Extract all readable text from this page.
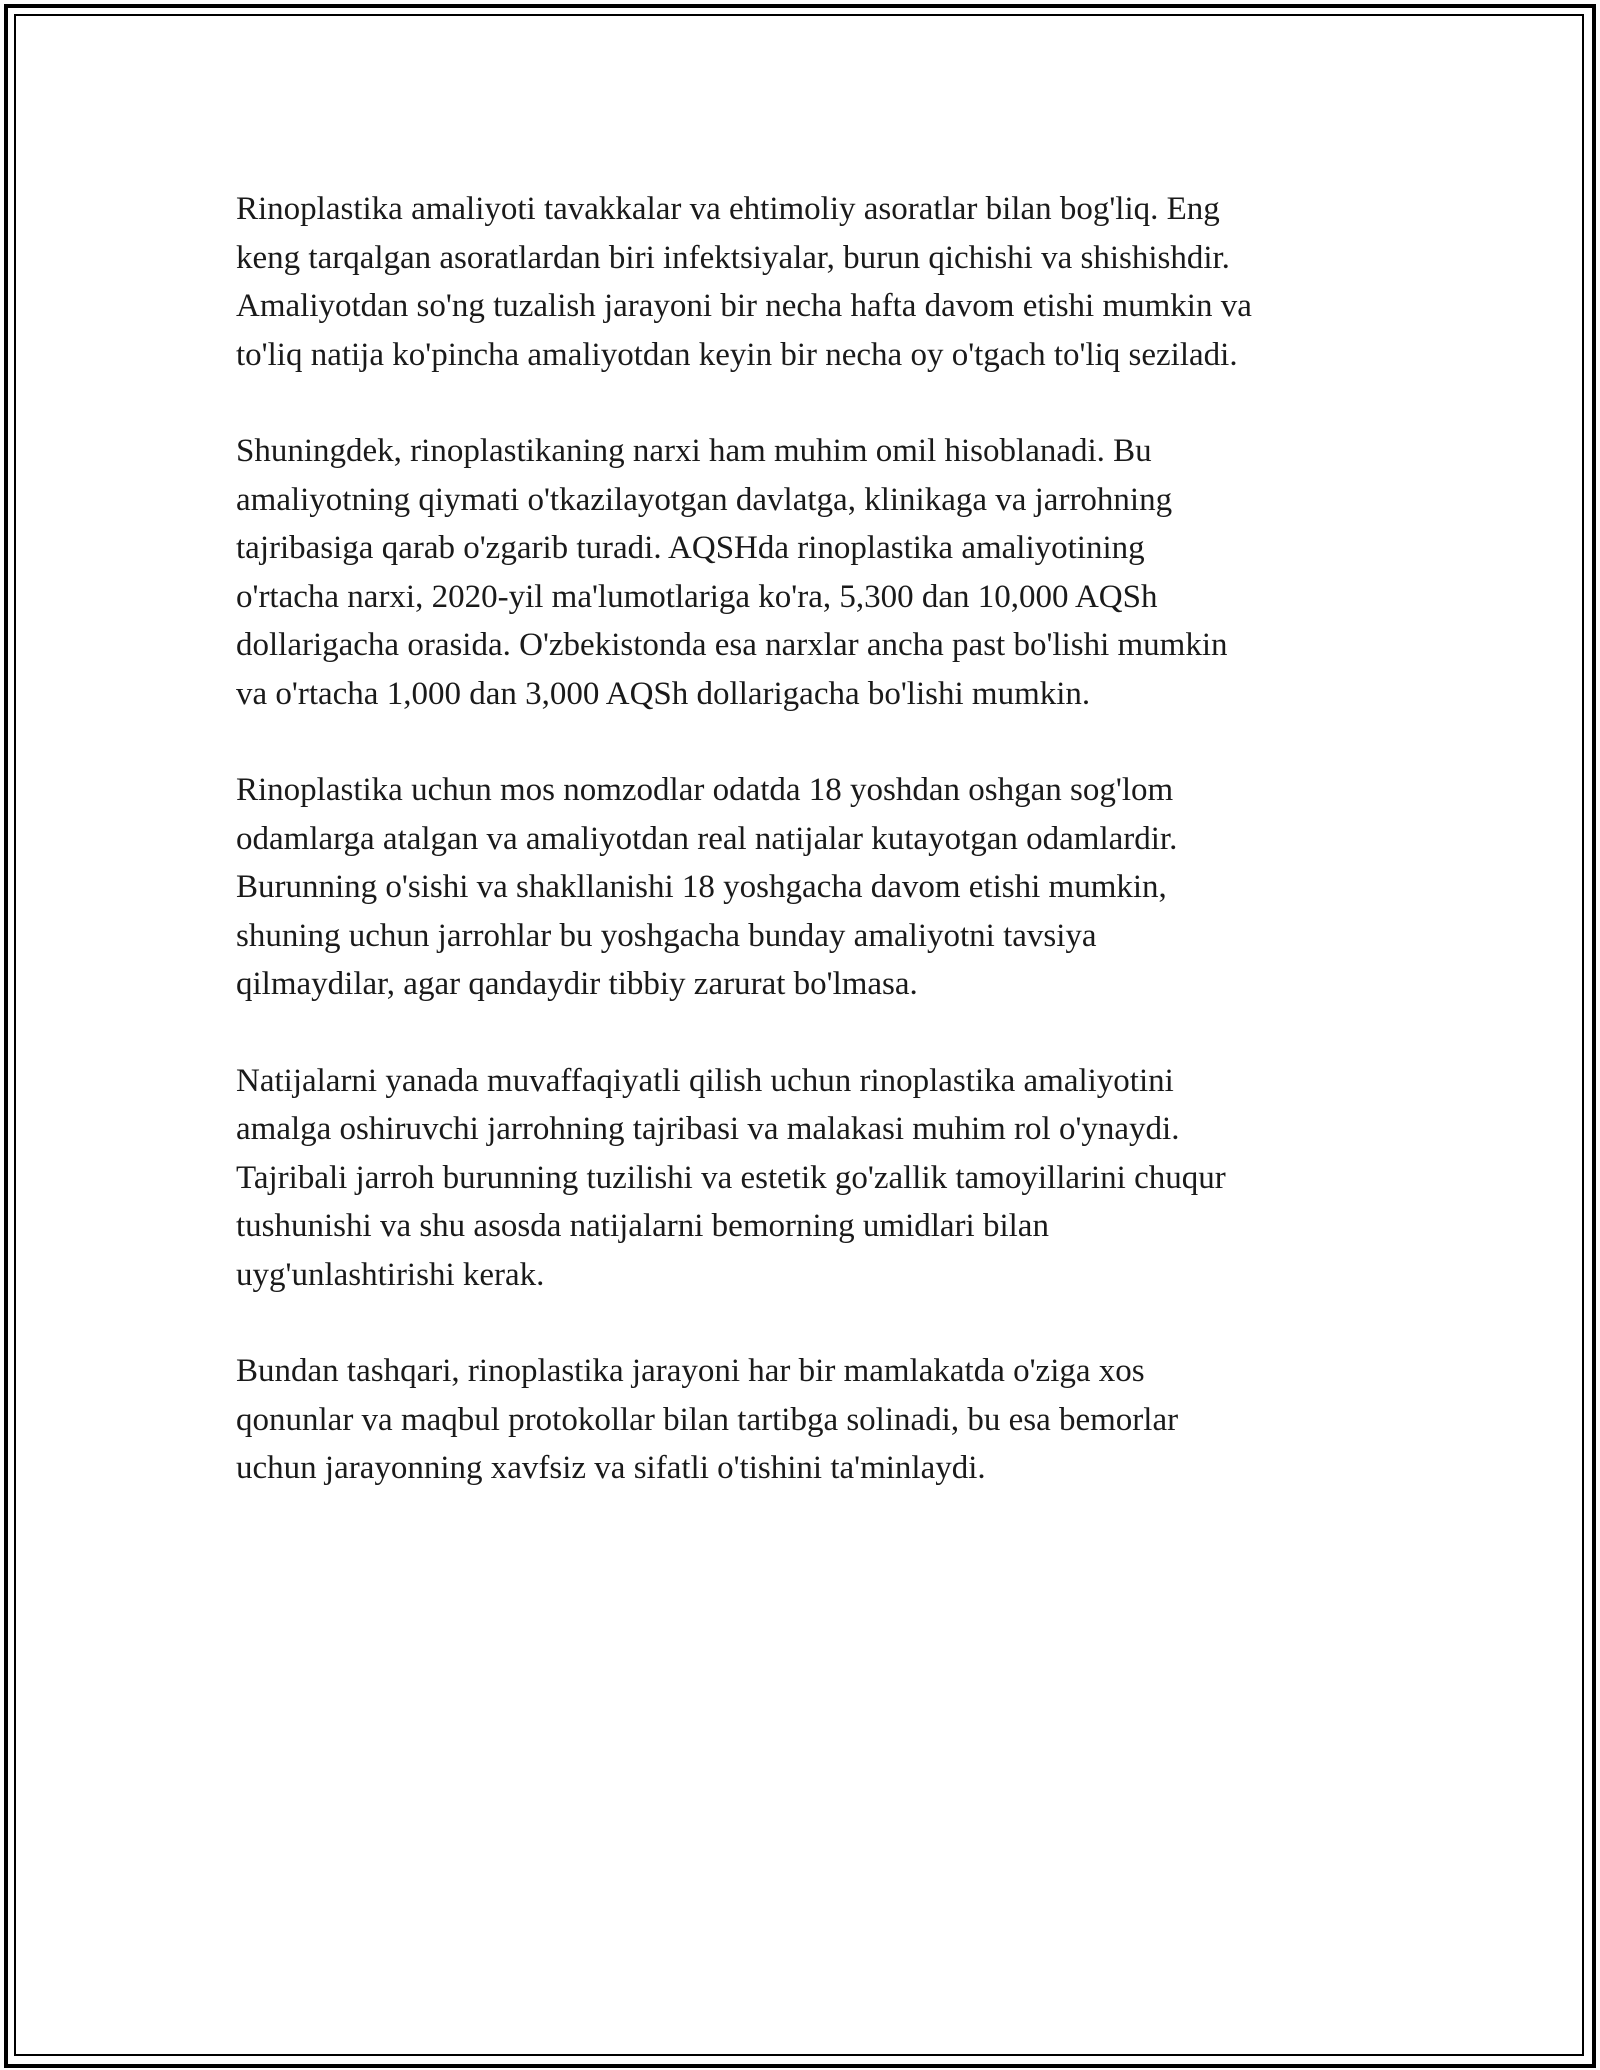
Rinoplastika amaliyoti tavakkalar va ehtimoliy asoratlar bilan bog'liq. Eng
keng tarqalgan asoratlardan biri infektsiyalar, burun qichishi va shishishdir.
Amaliyotdan so'ng tuzalish jarayoni bir necha hafta davom etishi mumkin va
to'liq natija ko'pincha amaliyotdan keyin bir necha oy o'tgach to'liq seziladi.

Shuningdek, rinoplastikaning narxi ham muhim omil hisoblanadi. Bu
amaliyotning qiymati o'tkazilayotgan davlatga, klinikaga va jarrohning
tajribasiga qarab o'zgarib turadi. AQSHda rinoplastika amaliyotining
o'rtacha narxi, 2020-yil ma'lumotlariga ko'ra, 5,300 dan 10,000 AQSh
dollarigacha orasida. O'zbekistonda esa narxlar ancha past bo'lishi mumkin
va o'rtacha 1,000 dan 3,000 AQSh dollarigacha bo'lishi mumkin.

Rinoplastika uchun mos nomzodlar odatda 18 yoshdan oshgan sog'lom
odamlarga atalgan va amaliyotdan real natijalar kutayotgan odamlardir.
Burunning o'sishi va shakllanishi 18 yoshgacha davom etishi mumkin,
shuning uchun jarrohlar bu yoshgacha bunday amaliyotni tavsiya
qilmaydilar, agar qandaydir tibbiy zarurat bo'lmasa.

Natijalarni yanada muvaffaqiyatli qilish uchun rinoplastika amaliyotini
amalga oshiruvchi jarrohning tajribasi va malakasi muhim rol o'ynaydi.
Tajribali jarroh burunning tuzilishi va estetik go'zallik tamoyillarini chuqur
tushunishi va shu asosda natijalarni bemorning umidlari bilan
uyg'unlashtirishi kerak.

Bundan tashqari, rinoplastika jarayoni har bir mamlakatda o'ziga xos
qonunlar va maqbul protokollar bilan tartibga solinadi, bu esa bemorlar
uchun jarayonning xavfsiz va sifatli o'tishini ta'minlaydi.
